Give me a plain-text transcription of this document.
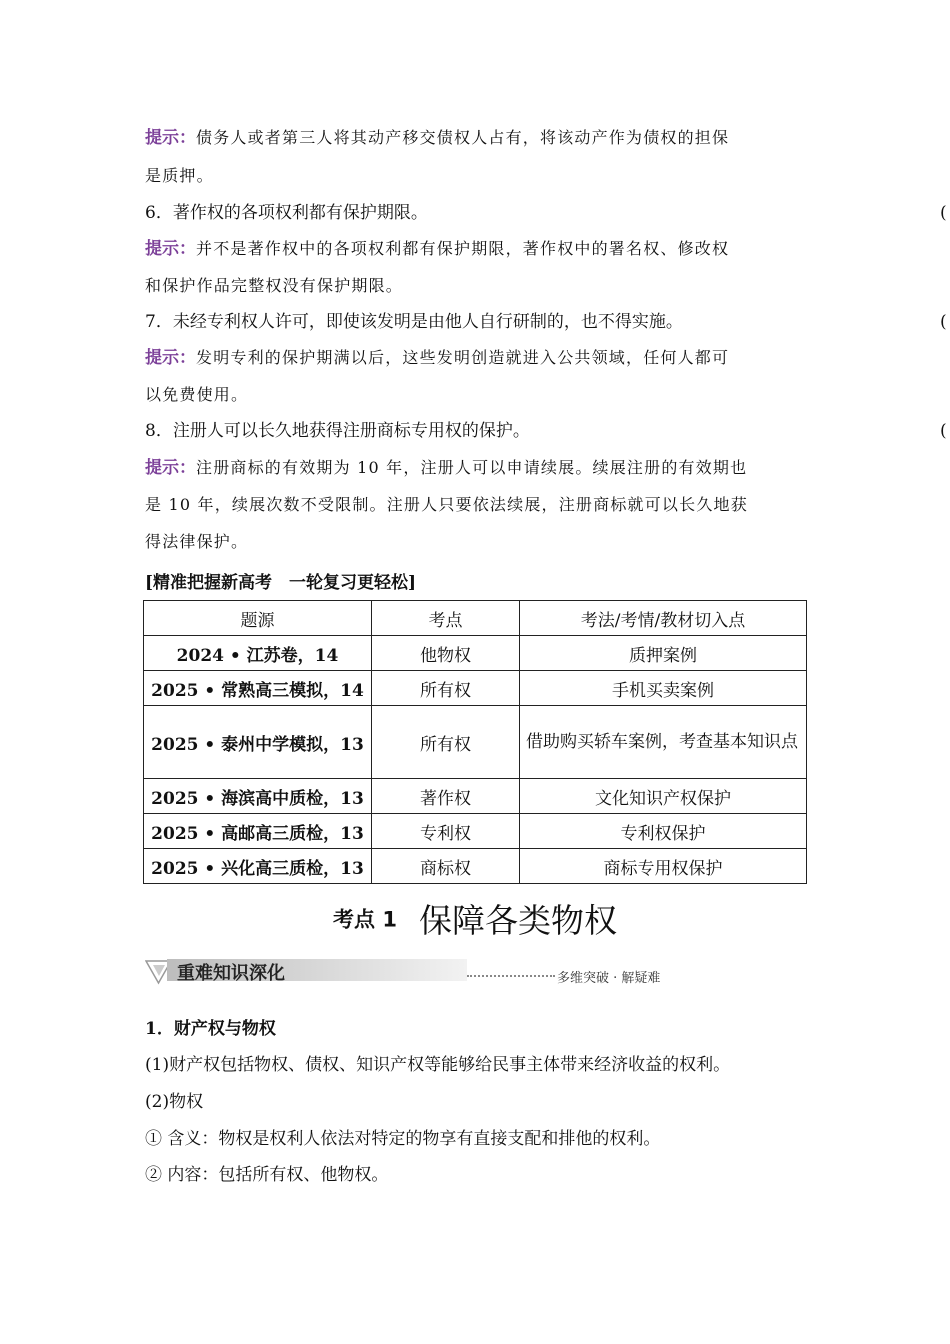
提示：债务人或者第三人将其动产移交债权人占有，将该动产作为债权的担保
是质押。
6．著作权的各项权利都有保护期限。	(
提示：并不是著作权中的各项权利都有保护期限，著作权中的署名权、修改权
和保护作品完整权没有保护期限。
7．未经专利权人许可，即使该发明是由他人自行研制的，也不得实施。	(
提示：发明专利的保护期满以后，这些发明创造就进入公共领域，任何人都可
以免费使用。
8．注册人可以长久地获得注册商标专用权的保护。	(
提示：注册商标的有效期为 10 年，注册人可以申请续展。续展注册的有效期也
是 10 年，续展次数不受限制。注册人只要依法续展，注册商标就可以长久地获
得法律保护。
[精准把握新高考　一轮复习更轻松]
题源	考点	考法/考情/教材切入点
2024 • 江苏卷，14	他物权	质押案例
2025 • 常熟高三模拟，14	所有权	手机买卖案例
2025 • 泰州中学模拟，13	所有权	借助购买轿车案例，考查基本知识点
2025 • 海滨高中质检，13	著作权	文化知识产权保护
2025 • 高邮高三质检，13	专利权	专利权保护
2025 • 兴化高三质检，13	商标权	商标专用权保护
考点 1 保障各类物权
重难知识深化	多维突破 · 解疑难
1．财产权与物权
(1)财产权包括物权、债权、知识产权等能够给民事主体带来经济收益的权利。
(2)物权
① 含义：物权是权利人依法对特定的物享有直接支配和排他的权利。
② 内容：包括所有权、他物权。
